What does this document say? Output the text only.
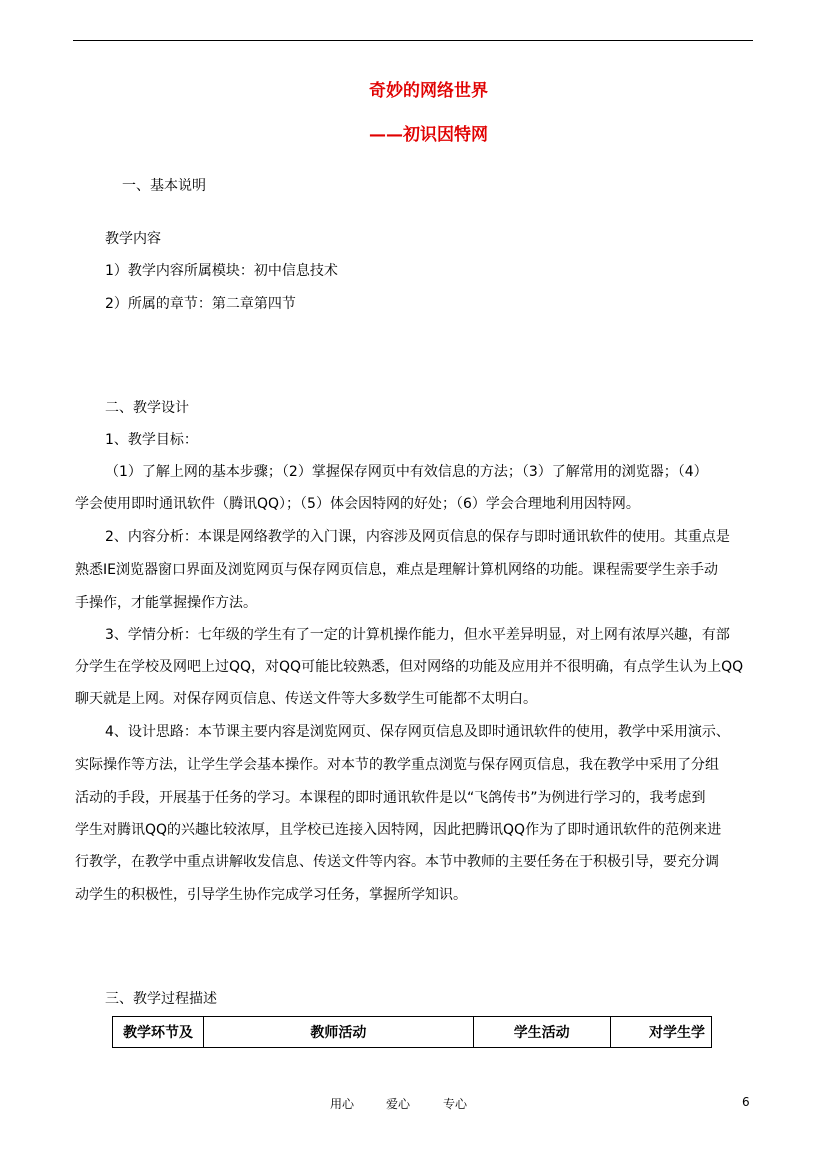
奇妙的网络世界
——初识因特网
一、基本说明
教学内容
1）教学内容所属模块：初中信息技术
2）所属的章节：第二章第四节
二、教学设计
1、教学目标：
（1）了解上网的基本步骤；（2）掌握保存网页中有效信息的方法；（3）了解常用的浏览器；（4）
学会使用即时通讯软件（腾讯QQ）；（5）体会因特网的好处；（6）学会合理地利用因特网。
2、内容分析：本课是网络教学的入门课，内容涉及网页信息的保存与即时通讯软件的使用。其重点是
熟悉IE浏览器窗口界面及浏览网页与保存网页信息，难点是理解计算机网络的功能。课程需要学生亲手动
手操作，才能掌握操作方法。
3、学情分析：七年级的学生有了一定的计算机操作能力，但水平差异明显，对上网有浓厚兴趣，有部
分学生在学校及网吧上过QQ，对QQ可能比较熟悉，但对网络的功能及应用并不很明确，有点学生认为上QQ
聊天就是上网。对保存网页信息、传送文件等大多数学生可能都不太明白。
4、设计思路：本节课主要内容是浏览网页、保存网页信息及即时通讯软件的使用，教学中采用演示、
实际操作等方法，让学生学会基本操作。对本节的教学重点浏览与保存网页信息，我在教学中采用了分组
活动的手段，开展基于任务的学习。本课程的即时通讯软件是以“飞鸽传书”为例进行学习的，我考虑到
学生对腾讯QQ的兴趣比较浓厚，且学校已连接入因特网，因此把腾讯QQ作为了即时通讯软件的范例来进
行教学，在教学中重点讲解收发信息、传送文件等内容。本节中教师的主要任务在于积极引导，要充分调
动学生的积极性，引导学生协作完成学习任务，掌握所学知识。
三、教学过程描述
教学环节及	教师活动	学生活动	对学生学
用心	爱心	专心	6
